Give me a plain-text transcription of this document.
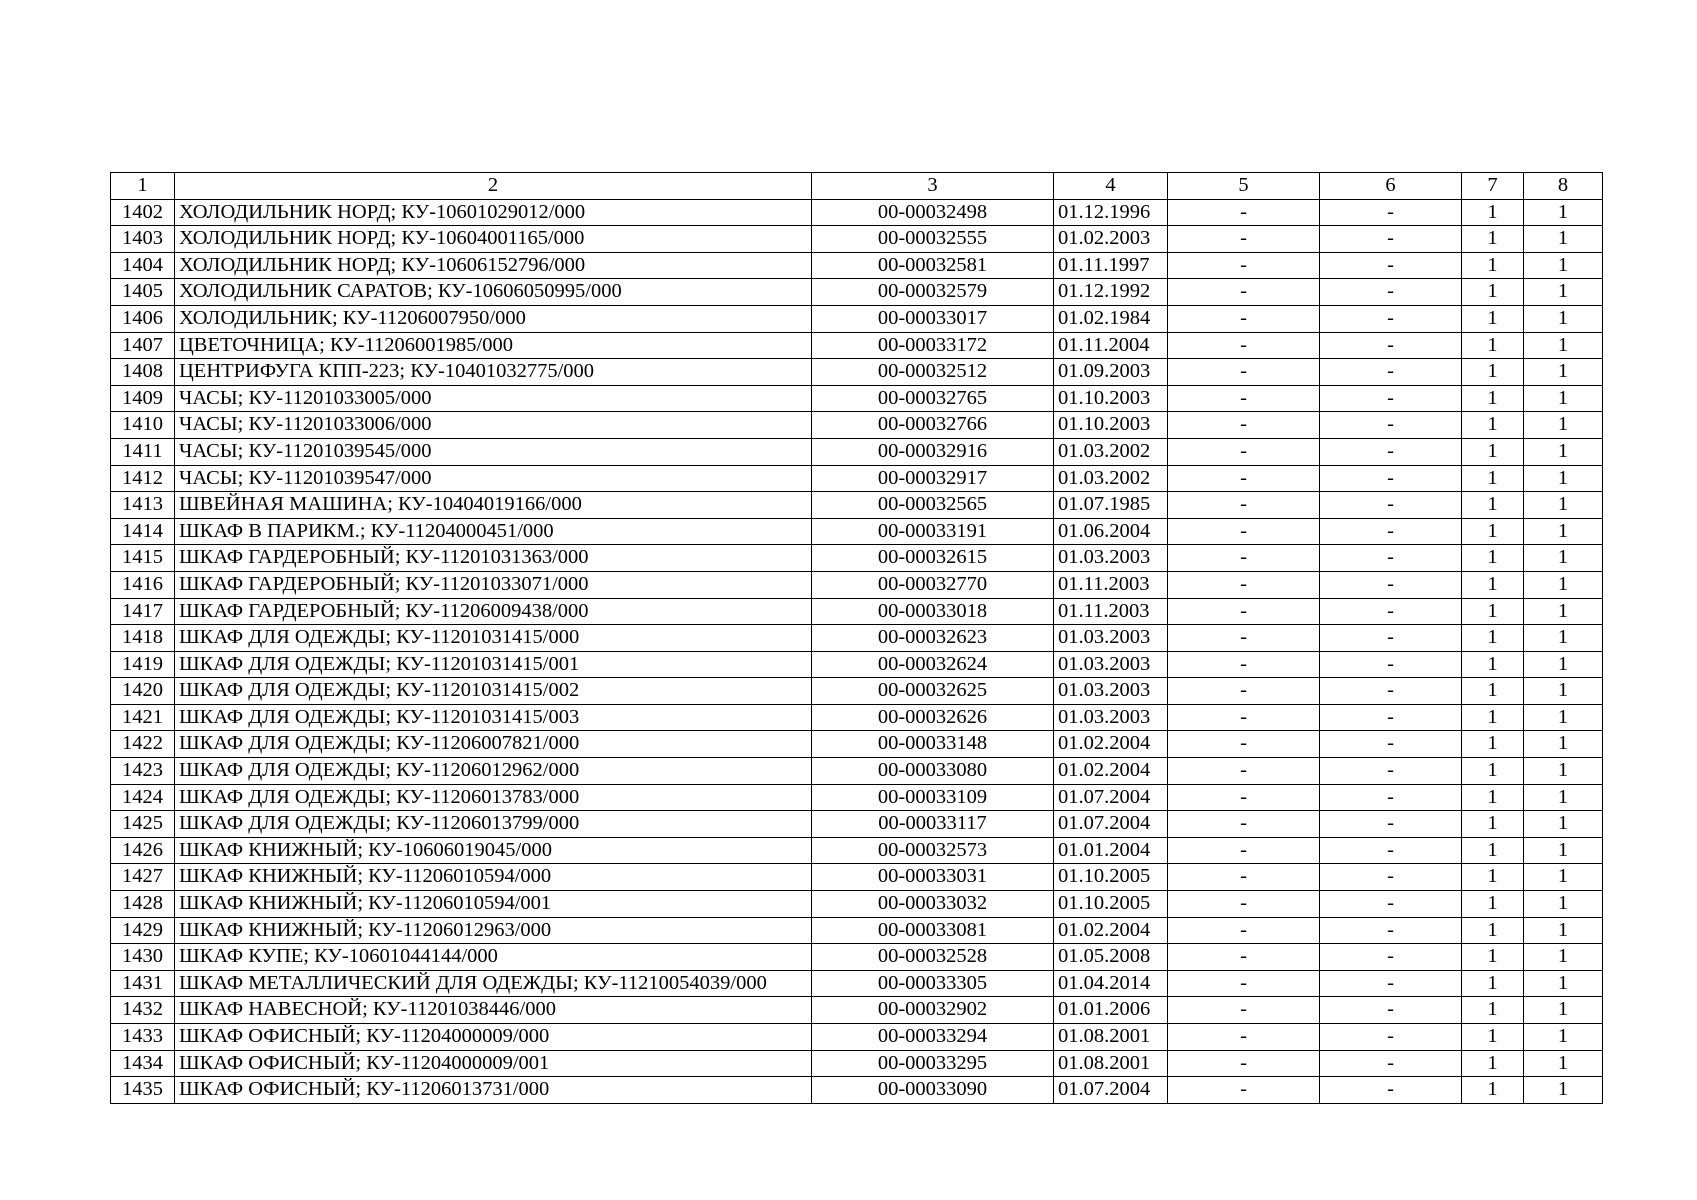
1	2	3	4	5	6	7	8
1402	ХОЛОДИЛЬНИК НОРД; КУ-10601029012/000	00-00032498	01.12.1996	-	-	1	1
1403	ХОЛОДИЛЬНИК НОРД; КУ-10604001165/000	00-00032555	01.02.2003	-	-	1	1
1404	ХОЛОДИЛЬНИК НОРД; КУ-10606152796/000	00-00032581	01.11.1997	-	-	1	1
1405	ХОЛОДИЛЬНИК САРАТОВ; КУ-10606050995/000	00-00032579	01.12.1992	-	-	1	1
1406	ХОЛОДИЛЬНИК; КУ-11206007950/000	00-00033017	01.02.1984	-	-	1	1
1407	ЦВЕТОЧНИЦА; КУ-11206001985/000	00-00033172	01.11.2004	-	-	1	1
1408	ЦЕНТРИФУГА КПП-223; КУ-10401032775/000	00-00032512	01.09.2003	-	-	1	1
1409	ЧАСЫ; КУ-11201033005/000	00-00032765	01.10.2003	-	-	1	1
1410	ЧАСЫ; КУ-11201033006/000	00-00032766	01.10.2003	-	-	1	1
1411	ЧАСЫ; КУ-11201039545/000	00-00032916	01.03.2002	-	-	1	1
1412	ЧАСЫ; КУ-11201039547/000	00-00032917	01.03.2002	-	-	1	1
1413	ШВЕЙНАЯ МАШИНА; КУ-10404019166/000	00-00032565	01.07.1985	-	-	1	1
1414	ШКАФ В ПАРИКМ.; КУ-11204000451/000	00-00033191	01.06.2004	-	-	1	1
1415	ШКАФ ГАРДЕРОБНЫЙ; КУ-11201031363/000	00-00032615	01.03.2003	-	-	1	1
1416	ШКАФ ГАРДЕРОБНЫЙ; КУ-11201033071/000	00-00032770	01.11.2003	-	-	1	1
1417	ШКАФ ГАРДЕРОБНЫЙ; КУ-11206009438/000	00-00033018	01.11.2003	-	-	1	1
1418	ШКАФ ДЛЯ ОДЕЖДЫ; КУ-11201031415/000	00-00032623	01.03.2003	-	-	1	1
1419	ШКАФ ДЛЯ ОДЕЖДЫ; КУ-11201031415/001	00-00032624	01.03.2003	-	-	1	1
1420	ШКАФ ДЛЯ ОДЕЖДЫ; КУ-11201031415/002	00-00032625	01.03.2003	-	-	1	1
1421	ШКАФ ДЛЯ ОДЕЖДЫ; КУ-11201031415/003	00-00032626	01.03.2003	-	-	1	1
1422	ШКАФ ДЛЯ ОДЕЖДЫ; КУ-11206007821/000	00-00033148	01.02.2004	-	-	1	1
1423	ШКАФ ДЛЯ ОДЕЖДЫ; КУ-11206012962/000	00-00033080	01.02.2004	-	-	1	1
1424	ШКАФ ДЛЯ ОДЕЖДЫ; КУ-11206013783/000	00-00033109	01.07.2004	-	-	1	1
1425	ШКАФ ДЛЯ ОДЕЖДЫ; КУ-11206013799/000	00-00033117	01.07.2004	-	-	1	1
1426	ШКАФ КНИЖНЫЙ; КУ-10606019045/000	00-00032573	01.01.2004	-	-	1	1
1427	ШКАФ КНИЖНЫЙ; КУ-11206010594/000	00-00033031	01.10.2005	-	-	1	1
1428	ШКАФ КНИЖНЫЙ; КУ-11206010594/001	00-00033032	01.10.2005	-	-	1	1
1429	ШКАФ КНИЖНЫЙ; КУ-11206012963/000	00-00033081	01.02.2004	-	-	1	1
1430	ШКАФ КУПЕ; КУ-10601044144/000	00-00032528	01.05.2008	-	-	1	1
1431	ШКАФ МЕТАЛЛИЧЕСКИЙ ДЛЯ ОДЕЖДЫ; КУ-11210054039/000	00-00033305	01.04.2014	-	-	1	1
1432	ШКАФ НАВЕСНОЙ; КУ-11201038446/000	00-00032902	01.01.2006	-	-	1	1
1433	ШКАФ ОФИСНЫЙ; КУ-11204000009/000	00-00033294	01.08.2001	-	-	1	1
1434	ШКАФ ОФИСНЫЙ; КУ-11204000009/001	00-00033295	01.08.2001	-	-	1	1
1435	ШКАФ ОФИСНЫЙ; КУ-11206013731/000	00-00033090	01.07.2004	-	-	1	1
